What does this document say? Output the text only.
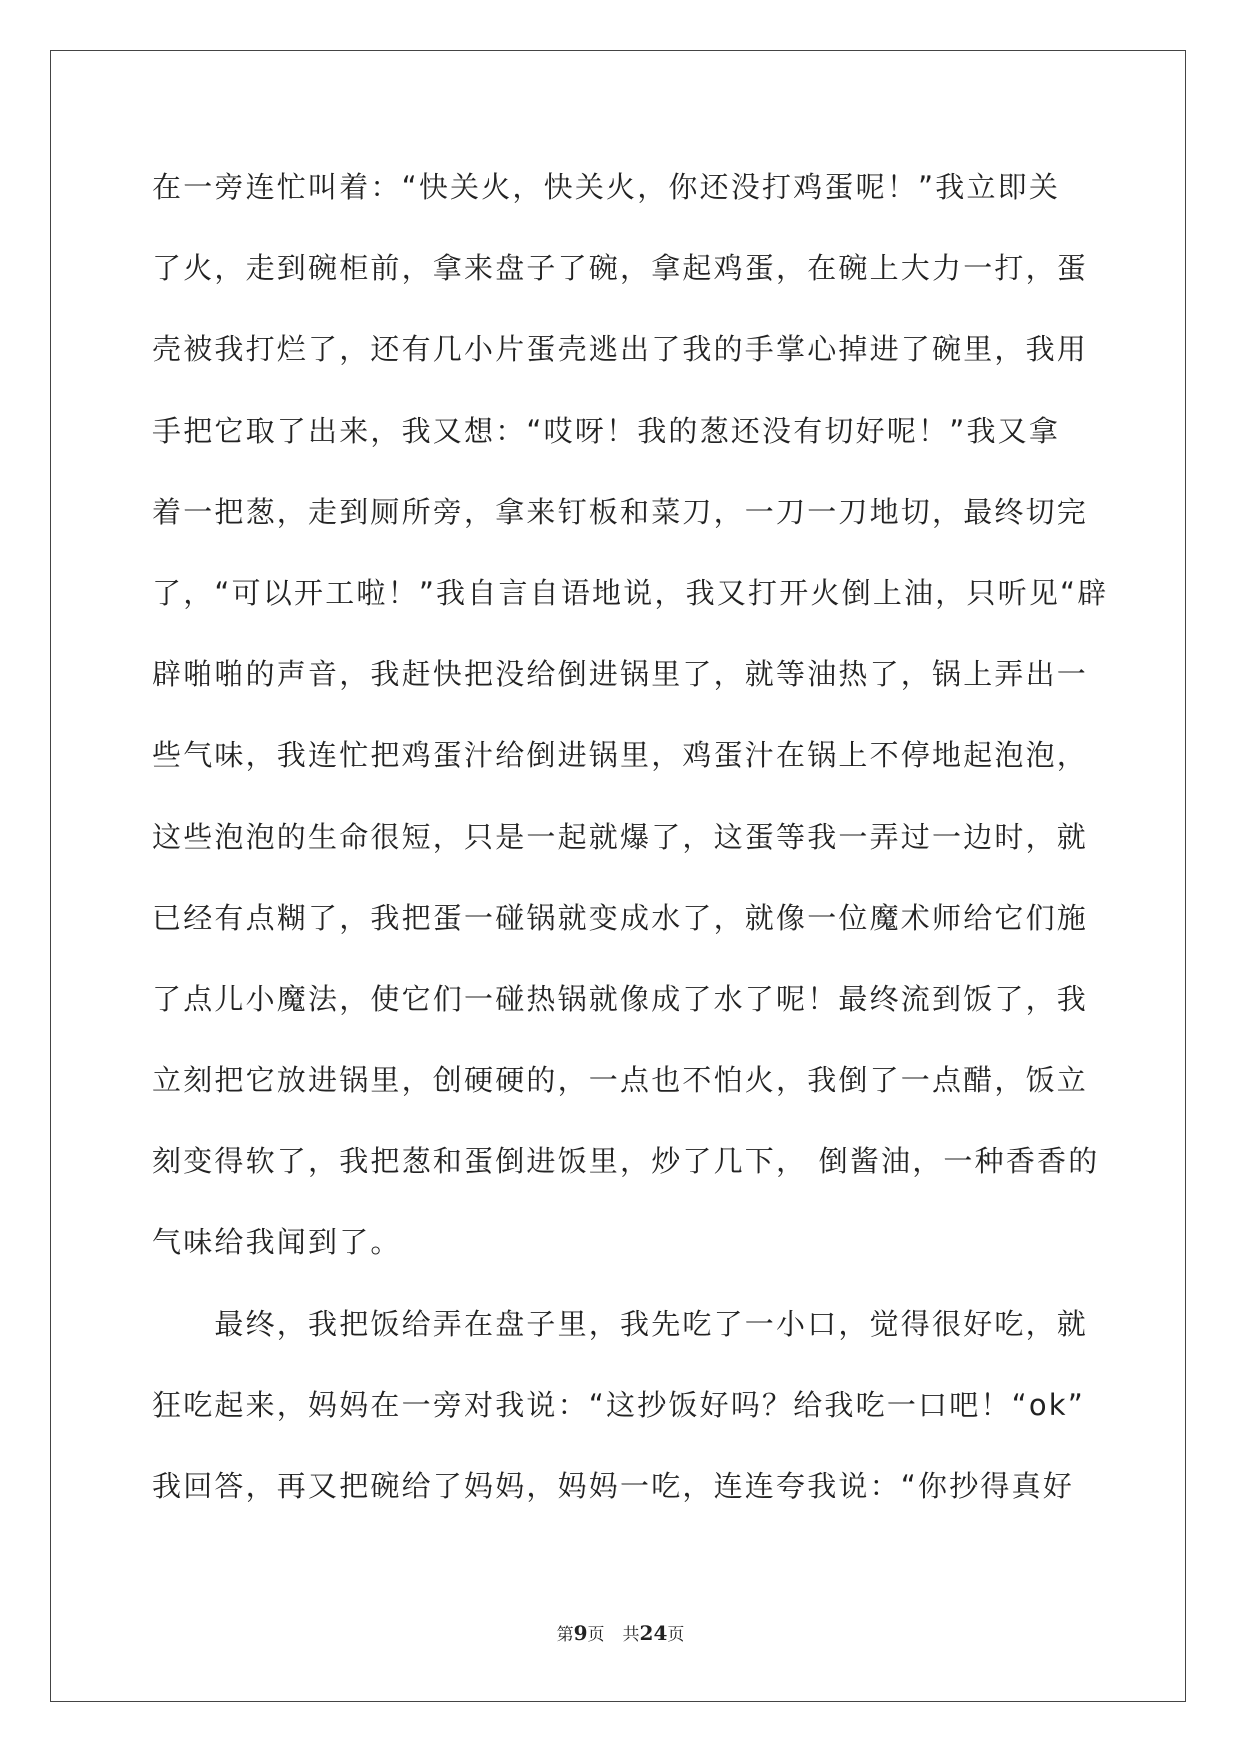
在一旁连忙叫着：“快关火，快关火，你还没打鸡蛋呢！”我立即关
了火，走到碗柜前，拿来盘子了碗，拿起鸡蛋，在碗上大力一打，蛋
壳被我打烂了，还有几小片蛋壳逃出了我的手掌心掉进了碗里，我用
手把它取了出来，我又想：“哎呀！我的葱还没有切好呢！”我又拿
着一把葱，走到厕所旁，拿来钉板和菜刀，一刀一刀地切，最终切完
了，“可以开工啦！”我自言自语地说，我又打开火倒上油，只听见“辟
辟啪啪的声音，我赶快把没给倒进锅里了，就等油热了，锅上弄出一
些气味，我连忙把鸡蛋汁给倒进锅里，鸡蛋汁在锅上不停地起泡泡，
这些泡泡的生命很短，只是一起就爆了，这蛋等我一弄过一边时，就
已经有点糊了，我把蛋一碰锅就变成水了，就像一位魔术师给它们施
了点儿小魔法，使它们一碰热锅就像成了水了呢！最终流到饭了，我
立刻把它放进锅里，创硬硬的，一点也不怕火，我倒了一点醋，饭立
刻变得软了，我把葱和蛋倒进饭里，炒了几下， 倒酱油，一种香香的
气味给我闻到了。
　　最终，我把饭给弄在盘子里，我先吃了一小口，觉得很好吃，就
狂吃起来，妈妈在一旁对我说：“这抄饭好吗？给我吃一口吧！“ok”
我回答，再又把碗给了妈妈，妈妈一吃，连连夸我说：“你抄得真好
第9页 共24页
